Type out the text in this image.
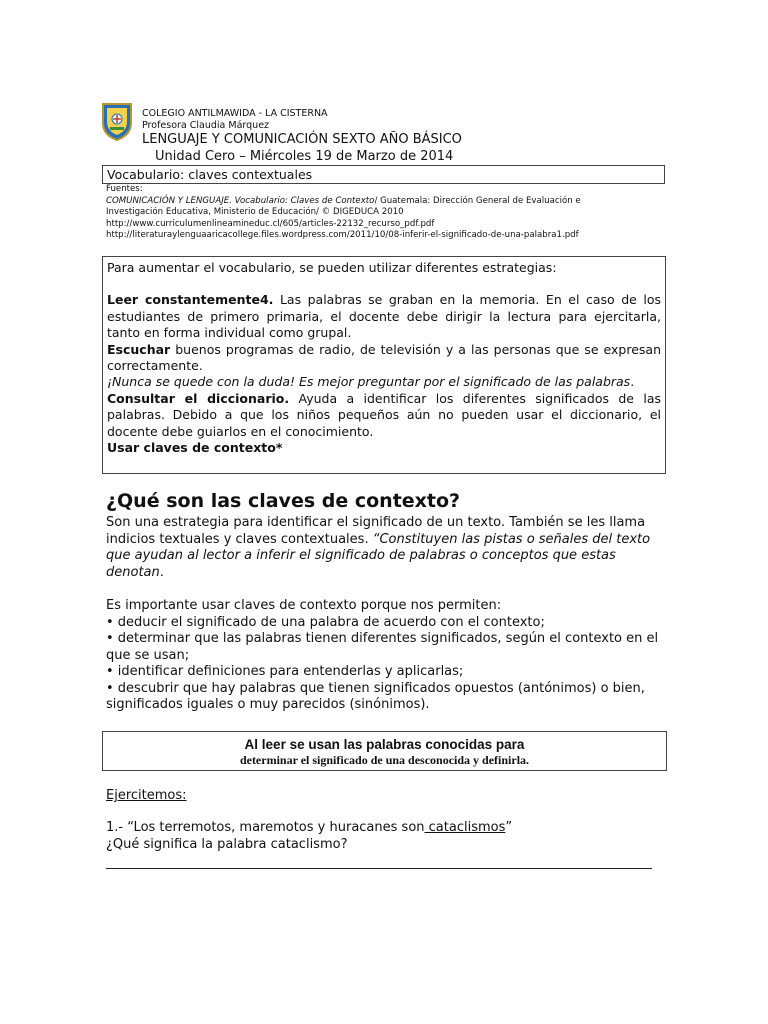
COLEGIO ANTILMAWIDA - LA CISTERNA
Profesora Claudia Márquez
LENGUAJE Y COMUNICACIÓN SEXTO AÑO BÁSICO
Unidad Cero – Miércoles 19 de Marzo de 2014
Vocabulario: claves contextuales
Fuentes:
COMUNICACIÓN Y LENGUAJE. Vocabulario: Claves de Contexto/ Guatemala: Dirección General de Evaluación e
Investigación Educativa, Ministerio de Educación/ © DIGEDUCA 2010
http://www.curriculumenlineamineduc.cl/605/articles-22132_recurso_pdf.pdf
http://literaturaylenguaaricacollege.files.wordpress.com/2011/10/08-inferir-el-significado-de-una-palabra1.pdf

Para aumentar el vocabulario, se pueden utilizar diferentes estrategias:

Leer constantemente4. Las palabras se graban en la memoria. En el caso de los estudiantes de primero primaria, el docente debe dirigir la lectura para ejercitarla, tanto en forma individual como grupal.

Escuchar buenos programas de radio, de televisión y a las personas que se expresan correctamente.

¡Nunca se quede con la duda! Es mejor preguntar por el significado de las palabras.

Consultar el diccionario. Ayuda a identificar los diferentes significados de las palabras. Debido a que los niños pequeños aún no pueden usar el diccionario, el docente debe guiarlos en el conocimiento.

Usar claves de contexto*

¿Qué son las claves de contexto?

Son una estrategia para identificar el significado de un texto. También se les llama indicios textuales y claves contextuales. “Constituyen las pistas o señales del texto que ayudan al lector a inferir el significado de palabras o conceptos que estas denotan.

Es importante usar claves de contexto porque nos permiten:

• deducir el significado de una palabra de acuerdo con el contexto;

• determinar que las palabras tienen diferentes significados, según el contexto en el que se usan;

• identificar definiciones para entenderlas y aplicarlas;

• descubrir que hay palabras que tienen significados opuestos (antónimos) o bien, significados iguales o muy parecidos (sinónimos).

Al leer se usan las palabras conocidas para
determinar el significado de una desconocida y definirla.
Ejercitemos:

1.- “Los terremotos, maremotos y huracanes son cataclismos”

¿Qué significa la palabra cataclismo?
